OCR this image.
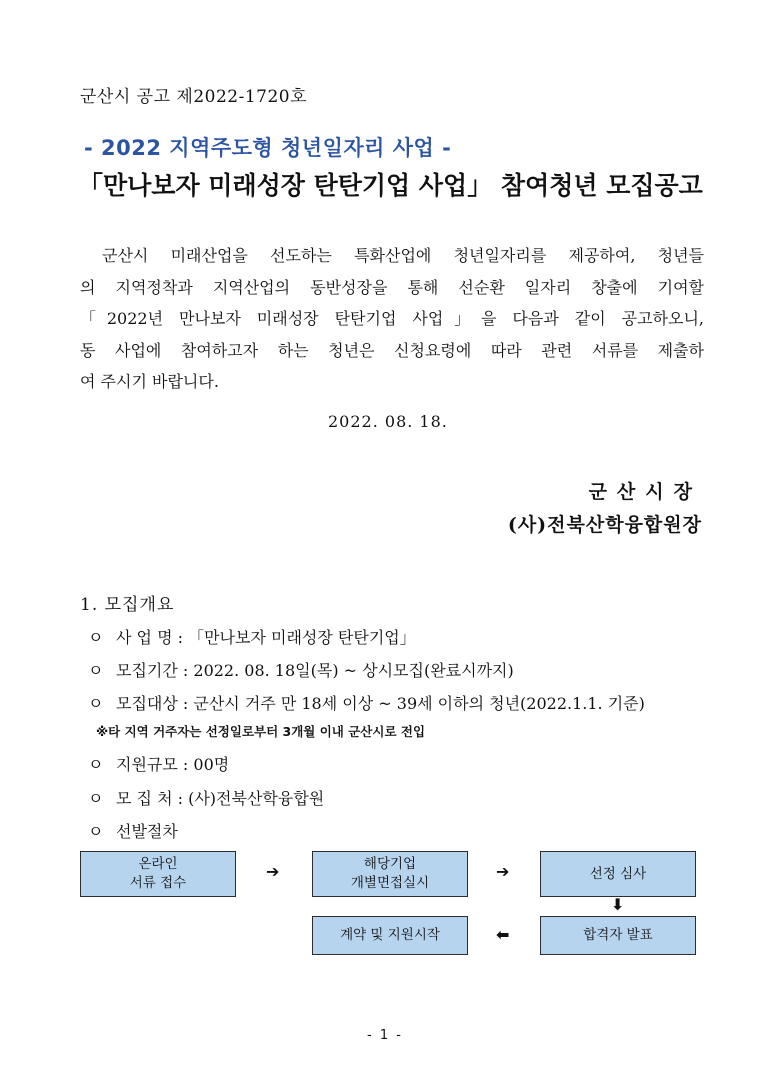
군산시 공고 제2022-1720호
- 2022 지역주도형 청년일자리 사업 -
「만나보자 미래성장 탄탄기업 사업」 참여청년 모집공고
군산시 미래산업을 선도하는 특화산업에 청년일자리를 제공하여, 청년들
의 지역정착과 지역산업의 동반성장을 통해 선순환 일자리 창출에 기여할
「2022년 만나보자 미래성장 탄탄기업 사업」을 다음과 같이 공고하오니,
동 사업에 참여하고자 하는 청년은 신청요령에 따라 관련 서류를 제출하
여 주시기 바랍니다.
2022. 08. 18.
군산시장
(사)전북산학융합원장
1. 모집개요
ㅇ 사 업 명 : 「만나보자 미래성장 탄탄기업」
ㅇ 모집기간 : 2022. 08. 18일(목) ~ 상시모집(완료시까지)
ㅇ 모집대상 : 군산시 거주 만 18세 이상 ~ 39세 이하의 청년(2022.1.1. 기준)
※타 지역 거주자는 선정일로부터 3개월 이내 군산시로 전입
ㅇ 지원규모 : 00명
ㅇ 모 집 처 : (사)전북산학융합원
ㅇ 선발절차
온라인
서류 접수
➔	해당기업
개별면접실시
➔	선정 심사
⬇
합격자 발표
⬅
계약 및 지원시작
- 1 -
